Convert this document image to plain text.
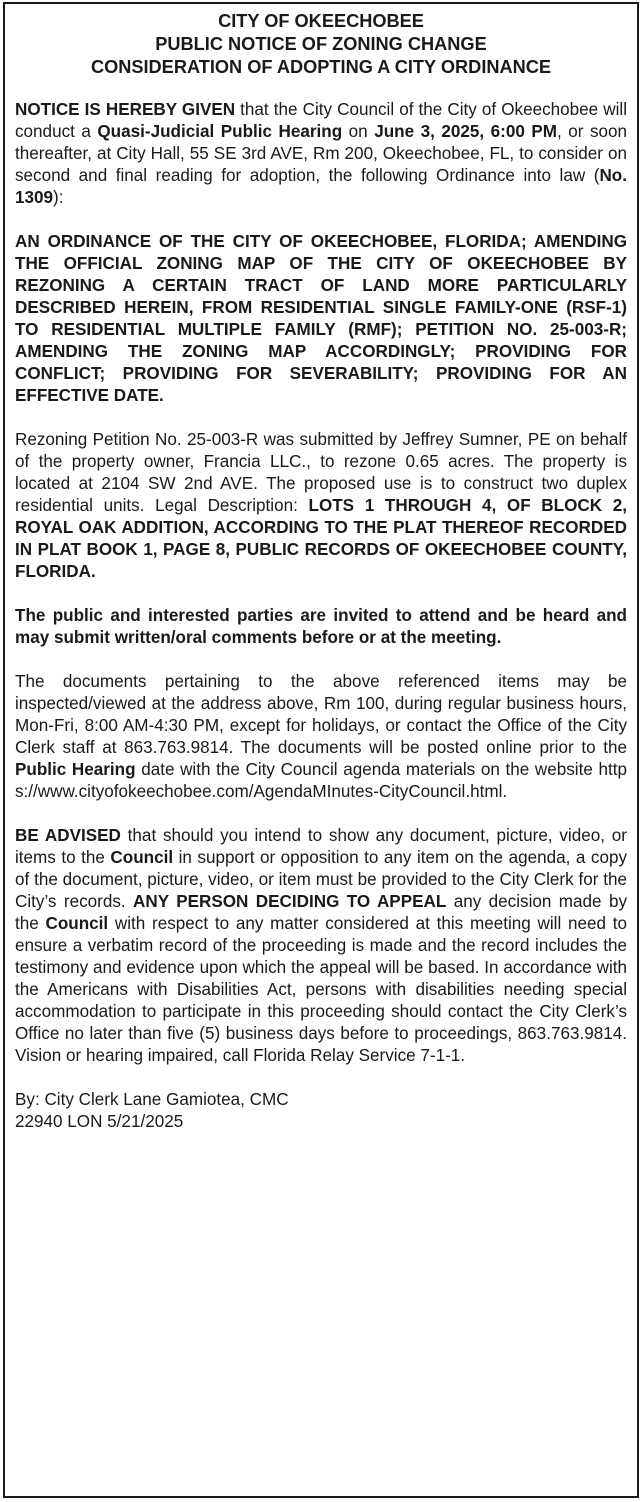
CITY OF OKEECHOBEE
PUBLIC NOTICE OF ZONING CHANGE
CONSIDERATION OF ADOPTING A CITY ORDINANCE

NOTICE IS HEREBY GIVEN that the City Council of the City of Okeechobee will conduct a Quasi-Judicial Public Hearing on June 3, 2025, 6:00 PM, or soon thereafter, at City Hall, 55 SE 3rd AVE, Rm 200, Okeechobee, FL, to consider on second and final reading for adoption, the following Ordinance into law (No. 1309):

AN ORDINANCE OF THE CITY OF OKEECHOBEE, FLORIDA; AMENDING THE OFFICIAL ZONING MAP OF THE CITY OF OKEECHOBEE BY REZONING A CERTAIN TRACT OF LAND MORE PARTICULARLY DESCRIBED HEREIN, FROM RESIDENTIAL SINGLE FAMILY-ONE (RSF-1) TO RESIDENTIAL MULTIPLE FAMILY (RMF); PETITION NO. 25-003-R; AMENDING THE ZONING MAP ACCORDINGLY; PROVIDING FOR CONFLICT; PROVIDING FOR SEVERABILITY; PROVIDING FOR AN EFFECTIVE DATE.

Rezoning Petition No. 25-003-R was submitted by Jeffrey Sumner, PE on behalf of the property owner, Francia LLC., to rezone 0.65 acres. The property is located at 2104 SW 2nd AVE. The proposed use is to construct two duplex residential units. Legal Description: LOTS 1 THROUGH 4, OF BLOCK 2, ROYAL OAK ADDITION, ACCORDING TO THE PLAT THEREOF RECORDED IN PLAT BOOK 1, PAGE 8, PUBLIC RECORDS OF OKEECHOBEE COUNTY, FLORIDA.

The public and interested parties are invited to attend and be heard and may submit written/oral comments before or at the meeting.

The documents pertaining to the above referenced items may be inspected/viewed at the address above, Rm 100, during regular business hours, Mon-Fri, 8:00 AM-4:30 PM, except for holidays, or contact the Office of the City Clerk staff at 863.763.9814. The documents will be posted online prior to the Public Hearing date with the City Council agenda materials on the website https://www.cityofokeechobee.com/AgendaMInutes-CityCouncil.html.

BE ADVISED that should you intend to show any document, picture, video, or items to the Council in support or opposition to any item on the agenda, a copy of the document, picture, video, or item must be provided to the City Clerk for the City’s records. ANY PERSON DECIDING TO APPEAL any decision made by the Council with respect to any matter considered at this meeting will need to ensure a verbatim record of the proceeding is made and the record includes the testimony and evidence upon which the appeal will be based. In accordance with the Americans with Disabilities Act, persons with disabilities needing special accommodation to participate in this proceeding should contact the City Clerk’s Office no later than five (5) business days before to proceedings, 863.763.9814. Vision or hearing impaired, call Florida Relay Service 7-1-1.

By: City Clerk Lane Gamiotea, CMC

22940 LON 5/21/2025
